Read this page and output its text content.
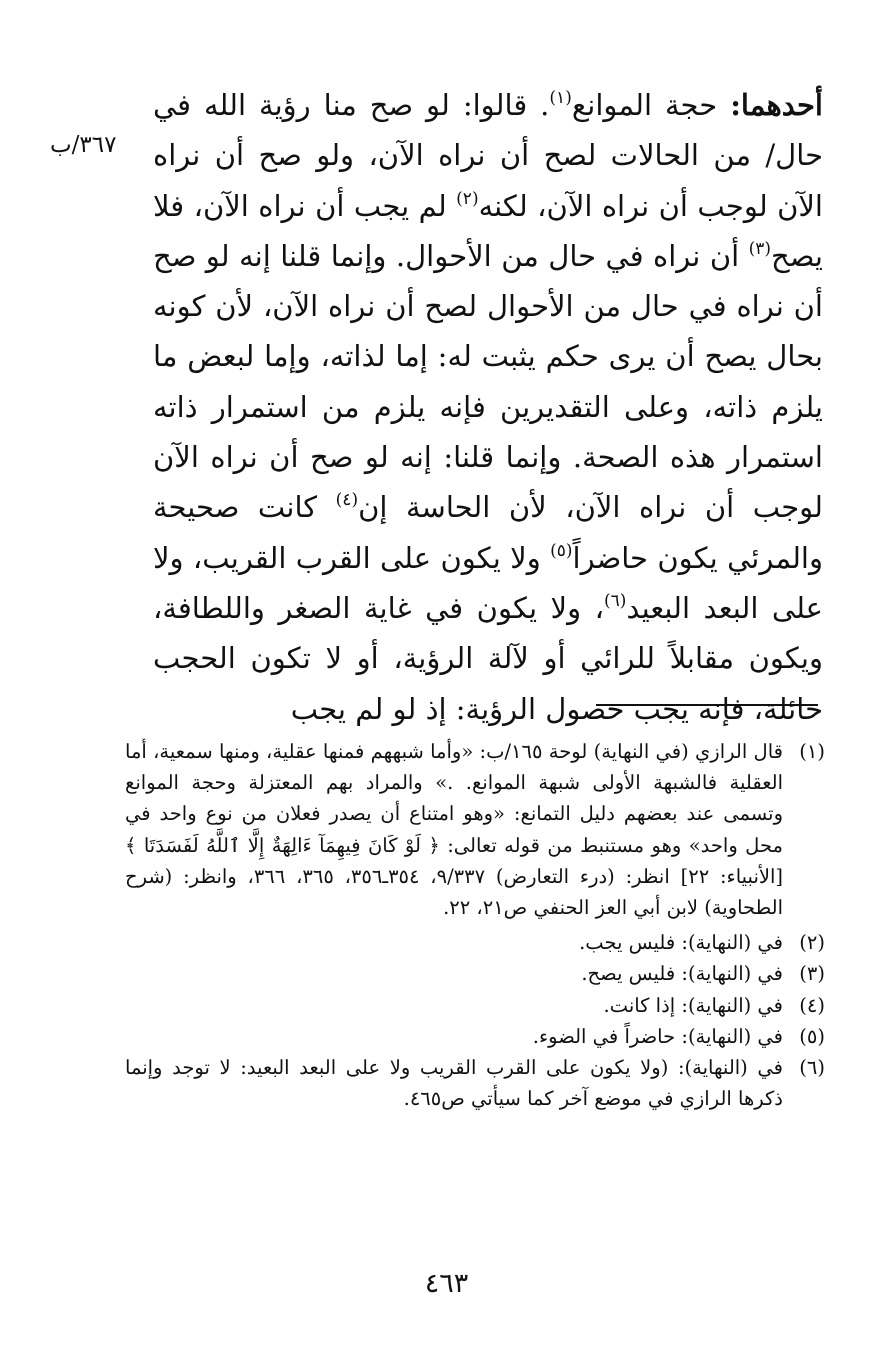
أحدهما: حجة الموانع$^{(١)}$. قالوا: لو صح منا رؤية الله في حال/ من الحالات لصح أن نراه الآن، ولو صح أن نراه الآن لوجب أن نراه الآن، لكنه$^{(٢)}$ لم يجب أن نراه الآن، فلا يصح$^{(٣)}$ أن نراه في حال من الأحوال. وإنما قلنا إنه لو صح أن نراه في حال من الأحوال لصح أن نراه الآن، لأن كونه بحال يصح أن يرى حكم يثبت له: إما لذاته، وإما لبعض ما يلزم ذاته، وعلى التقديرين فإنه يلزم من استمرار ذاته استمرار هذه الصحة. وإنما قلنا: إنه لو صح أن نراه الآن لوجب أن نراه الآن، لأن الحاسة إن$^{(٤)}$ كانت صحيحة والمرئي يكون حاضراً$^{(٥)}$ ولا يكون على القرب القريب، ولا على البعد البعيد$^{(٦)}$، ولا يكون في غاية الصغر واللطافة، ويكون مقابلاً للرائي أو لآلة الرؤية، أو لا تكون الحجب حائلة، فإنه يجب حصول الرؤية: إذ لو لم يجب

٣٦٧/ب
(١)
قال الرازي (في النهاية) لوحة ١٦٥/ب: «وأما شبههم فمنها عقلية، ومنها سمعية، أما العقلية فالشبهة الأولى شبهة الموانع. .» والمراد بهم المعتزلة وحجة الموانع وتسمى عند بعضهم دليل التمانع: «وهو امتناع أن يصدر فعلان من نوع واحد في محل واحد» وهو مستنبط من قوله تعالى: ﴿ لَوْ كَانَ فِيهِمَآ ءَالِهَةٌ إِلَّا ٱللَّهُ لَفَسَدَتَا ﴾ [الأنبياء: ٢٢] انظر: (درء التعارض) ٩/٣٣٧، ٣٥٤ـ٣٥٦، ٣٦٥، ٣٦٦، وانظر: (شرح الطحاوية) لابن أبي العز الحنفي ص٢١، ٢٢.
(٢)
في (النهاية): فليس يجب.
(٣)
في (النهاية): فليس يصح.
(٤)
في (النهاية): إذا كانت.
(٥)
في (النهاية): حاضراً في الضوء.
(٦)
في (النهاية): (ولا يكون على القرب القريب ولا على البعد البعيد: لا توجد وإنما ذكرها الرازي في موضع آخر كما سيأتي ص٤٦٥.
٤٦٣
